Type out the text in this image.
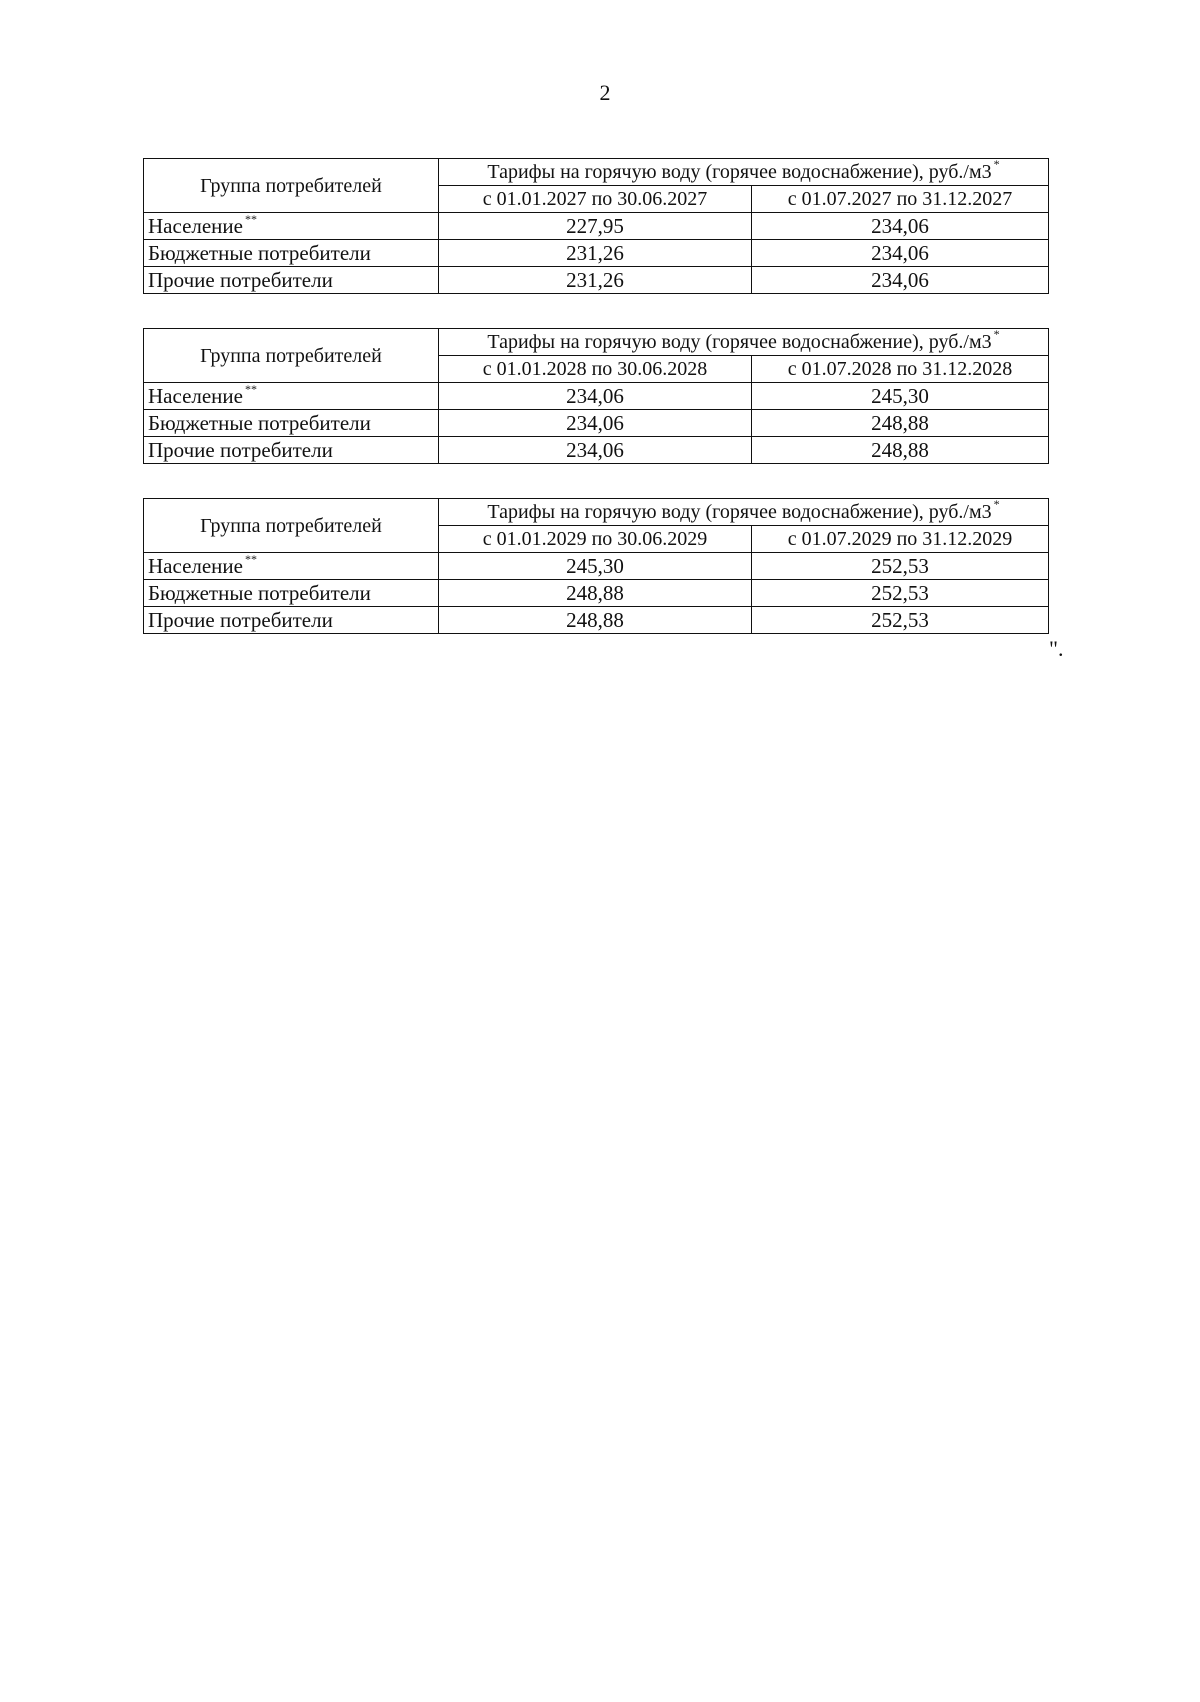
2
Группа потребителей	Тарифы на горячую воду (горячее водоснабжение), руб./м3 *
	с 01.01.2027 по 30.06.2027	с 01.07.2027 по 31.12.2027
Население **	227,95	234,06
Бюджетные потребители	231,26	234,06
Прочие потребители	231,26	234,06
Группа потребителей	Тарифы на горячую воду (горячее водоснабжение), руб./м3 *
	с 01.01.2028 по 30.06.2028	с 01.07.2028 по 31.12.2028
Население **	234,06	245,30
Бюджетные потребители	234,06	248,88
Прочие потребители	234,06	248,88
Группа потребителей	Тарифы на горячую воду (горячее водоснабжение), руб./м3 *
	с 01.01.2029 по 30.06.2029	с 01.07.2029 по 31.12.2029
Население **	245,30	252,53
Бюджетные потребители	248,88	252,53
Прочие потребители	248,88	252,53
".
